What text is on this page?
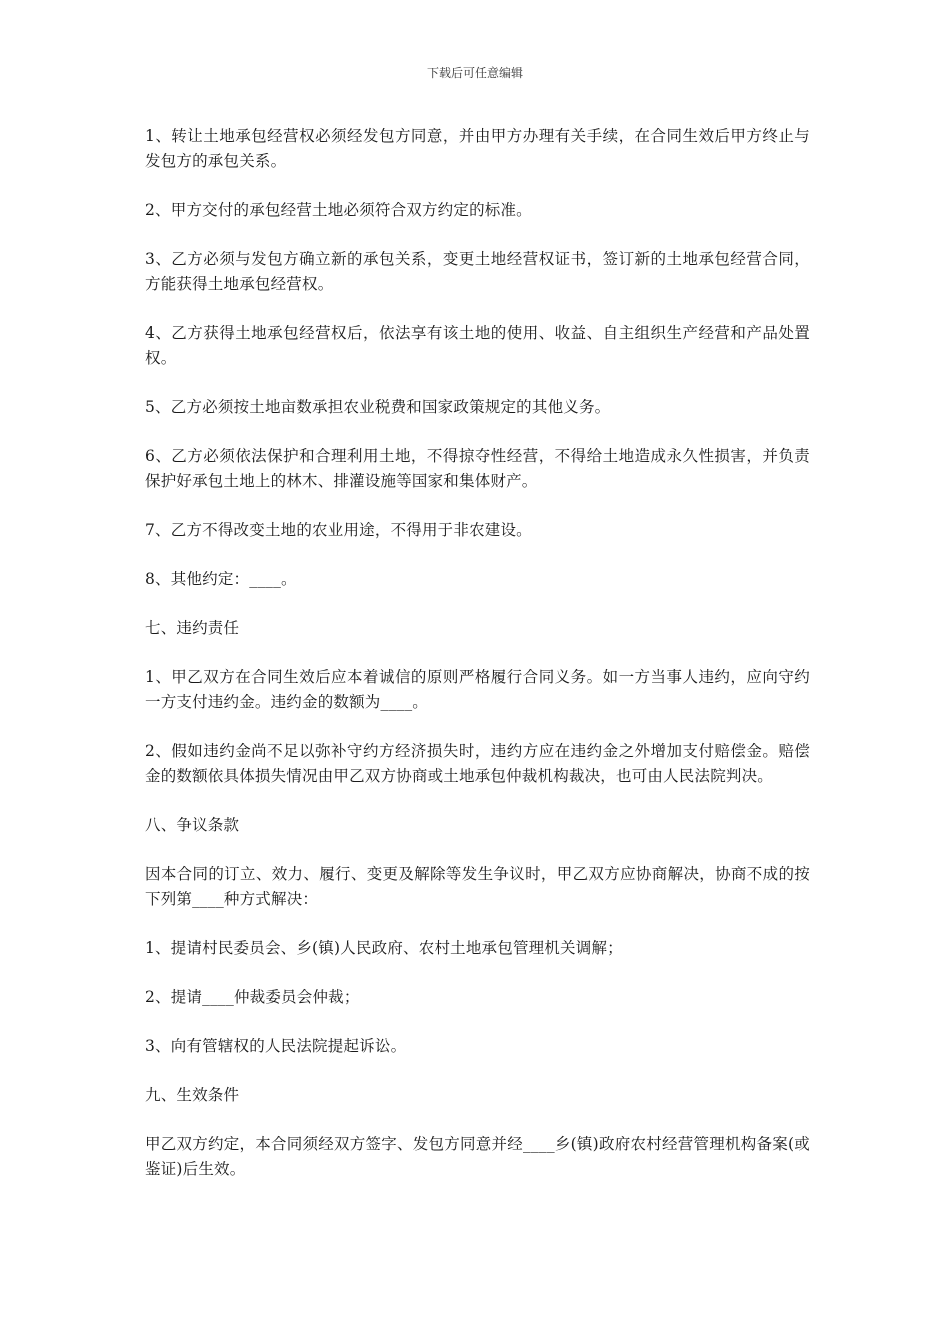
下载后可任意编辑

1、转让土地承包经营权必须经发包方同意，并由甲方办理有关手续，在合同生效后甲方终止与发包方的承包关系。

2、甲方交付的承包经营土地必须符合双方约定的标准。

3、乙方必须与发包方确立新的承包关系，变更土地经营权证书，签订新的土地承包经营合同，方能获得土地承包经营权。

4、乙方获得土地承包经营权后，依法享有该土地的使用、收益、自主组织生产经营和产品处置权。

5、乙方必须按土地亩数承担农业税费和国家政策规定的其他义务。

6、乙方必须依法保护和合理利用土地，不得掠夺性经营，不得给土地造成永久性损害，并负责保护好承包土地上的林木、排灌设施等国家和集体财产。

7、乙方不得改变土地的农业用途，不得用于非农建设。

8、其他约定：____。

七、违约责任

1、甲乙双方在合同生效后应本着诚信的原则严格履行合同义务。如一方当事人违约，应向守约一方支付违约金。违约金的数额为____。

2、假如违约金尚不足以弥补守约方经济损失时，违约方应在违约金之外增加支付赔偿金。赔偿金的数额依具体损失情况由甲乙双方协商或土地承包仲裁机构裁决，也可由人民法院判决。

八、争议条款

因本合同的订立、效力、履行、变更及解除等发生争议时，甲乙双方应协商解决，协商不成的按下列第____种方式解决：

1、提请村民委员会、乡(镇)人民政府、农村土地承包管理机关调解；

2、提请____仲裁委员会仲裁；

3、向有管辖权的人民法院提起诉讼。

九、生效条件

甲乙双方约定，本合同须经双方签字、发包方同意并经____乡(镇)政府农村经营管理机构备案(或鉴证)后生效。
